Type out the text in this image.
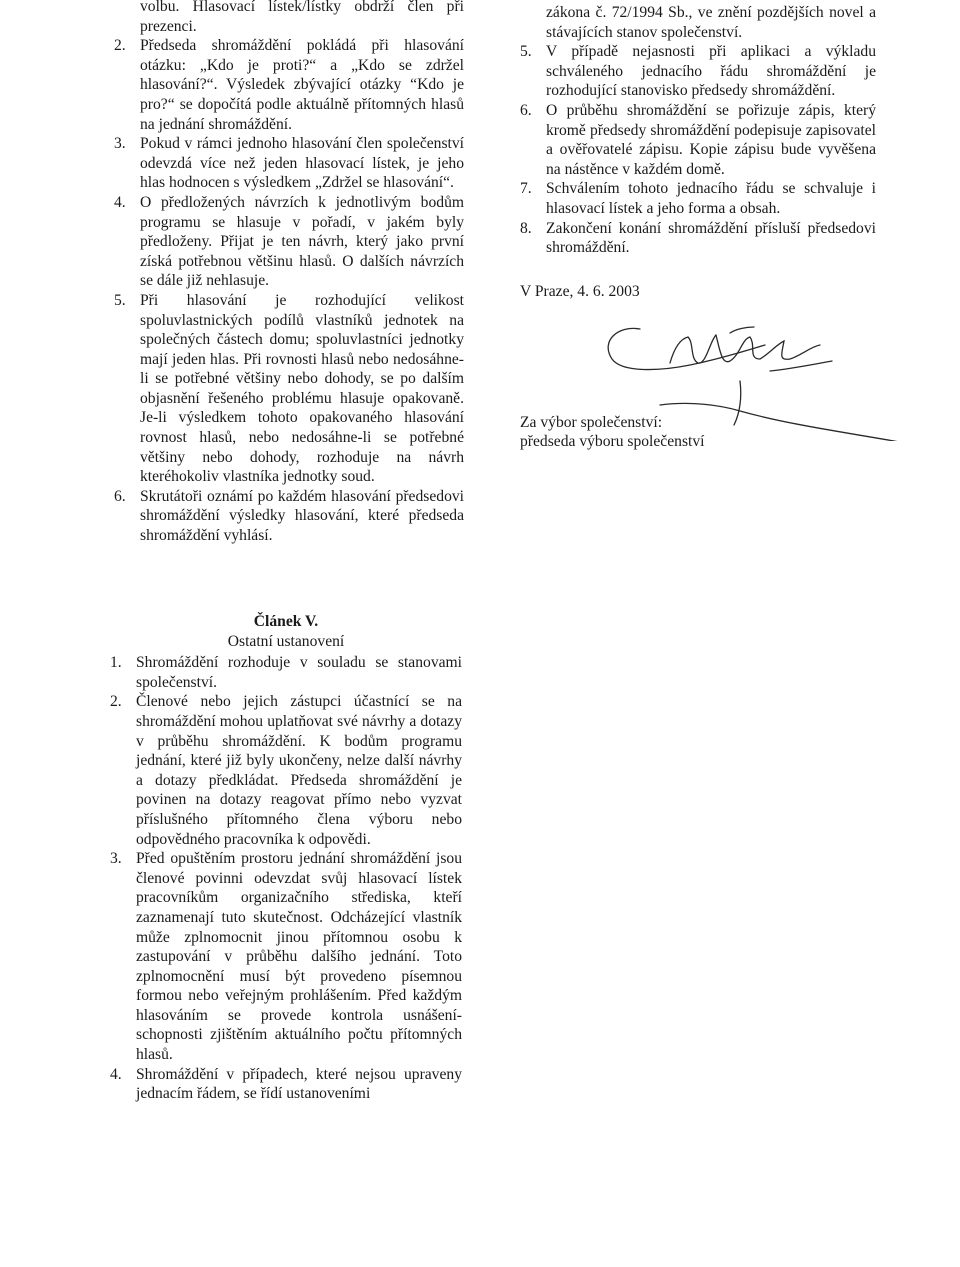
volbu. Hlasovací lístek/lístky obdrží člen při prezenci.

2. Předseda shromáždění pokládá při hlasování otázku: „Kdo je proti?“ a „Kdo se zdržel hlasování?“. Výsledek zbývající otázky “Kdo je pro?“ se dopočítá podle aktuálně přítomných hlasů na jednání shromáždění.
3. Pokud v rámci jednoho hlasování člen společenství odevzdá více než jeden hlasovací lístek, je jeho hlas hodnocen s výsledkem „Zdržel se hlasování“.
4. O předložených návrzích k jednotlivým bodům programu se hlasuje v pořadí, v jakém byly předloženy. Přijat je ten návrh, který jako první získá potřebnou většinu hlasů. O dalších návrzích se dále již nehlasuje.
5. Při hlasování je rozhodující velikost spoluvlastnických podílů vlastníků jednotek na společných částech domu; spoluvlastníci jednotky mají jeden hlas. Při rovnosti hlasů nebo nedosáhne-li se potřebné většiny nebo dohody, se po dalším objasnění řešeného problému hlasuje opakovaně. Je-li výsledkem tohoto opakovaného hlasování rovnost hlasů, nebo nedosáhne-li se potřebné většiny nebo dohody, rozhoduje na návrh kteréhokoliv vlastníka jednotky soud.
6. Skrutátoři oznámí po každém hlasování předsedovi shromáždění výsledky hlasování, které předseda shromáždění vyhlásí.

zákona č. 72/1994 Sb., ve znění pozdějších novel a stávajících stanov společenství.

5. V případě nejasnosti při aplikaci a výkladu schváleného jednacího řádu shromáždění je rozhodující stanovisko předsedy shromáždění.
6. O průběhu shromáždění se pořizuje zápis, který kromě předsedy shromáždění podepisuje zapisovatel a ověřovatelé zápisu. Kopie zápisu bude vyvěšena na nástěnce v každém domě.
7. Schválením tohoto jednacího řádu se schvaluje i hlasovací lístek a jeho forma a obsah.
8. Zakončení konání shromáždění přísluší předsedovi shromáždění.

V Praze, 4. 6. 2003

Za výbor společenství:
předseda výboru společenství

Článek V.

Ostatní ustanovení

1. Shromáždění rozhoduje v souladu se stanovami společenství.
2. Členové nebo jejich zástupci účastnící se na shromáždění mohou uplatňovat své návrhy a dotazy v průběhu shromáždění. K bodům programu jednání, které již byly ukončeny, nelze další návrhy a dotazy předkládat. Předseda shromáždění je povinen na dotazy reagovat přímo nebo vyzvat příslušného přítomného člena výboru nebo odpovědného pracovníka k odpovědi.
3. Před opuštěním prostoru jednání shromáždění jsou členové povinni odevzdat svůj hlasovací lístek pracovníkům organizačního střediska, kteří zaznamenají tuto skutečnost. Odcházející vlastník může zplnomocnit jinou přítomnou osobu k zastupování v průběhu dalšího jednání. Toto zplnomocnění musí být provedeno písemnou formou nebo veřejným prohlášením. Před každým hlasováním se provede kontrola usnášení-schopnosti zjištěním aktuálního počtu přítomných hlasů.
4. Shromáždění v případech, které nejsou upraveny jednacím řádem, se řídí ustanoveními
